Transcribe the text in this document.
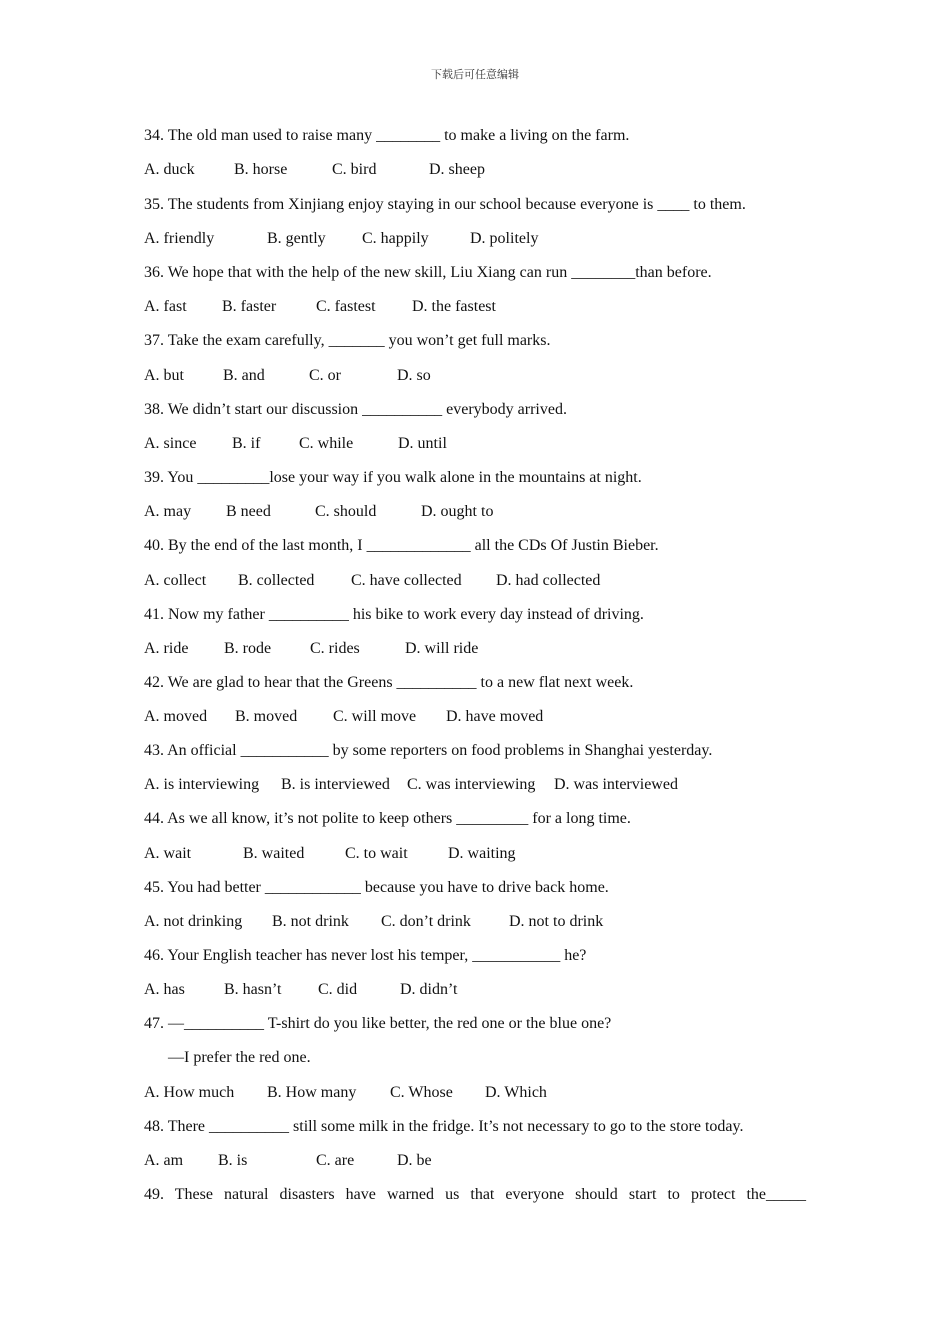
下载后可任意编辑
34. The old man used to raise many ________ to make a living on the farm.

A. duck

B. horse

	C. bird

	D. sheep

35. The students from Xinjiang enjoy staying in our school because everyone is ____ to them.

A. friendly

	B. gently

C. happily

	D. politely

36. We hope that with the help of the new skill, Liu Xiang can run ________than before.

A. fast

B. faster

C. fastest

D. the fastest

37. Take the exam carefully, _______ you won’t get full marks.

A. but

B. and

	C. or

	D. so

38. We didn’t start our discussion __________ everybody arrived.

A. since

B. if

C. while

	D. until

39. You _________lose your way if you walk alone in the mountains at night.

A. may

B need

	C. should

	D. ought to

40. By the end of the last month, I _____________ all the CDs Of Justin Bieber.

A. collect

B. collected

C. have collected

D. had collected

41. Now my father __________ his bike to work every day instead of driving.

A. ride

B. rode

C. rides

	D. will ride

42. We are glad to hear that the Greens __________ to a new flat next week.

A. moved

B. moved

C. will move

D. have moved

43. An official ___________ by some reporters on food problems in Shanghai yesterday.

A. is interviewing

B. is interviewed

C. was interviewing

D. was interviewed

44. As we all know, it’s not polite to keep others _________ for a long time.

A. wait

	B. waited

	C. to wait

	D. waiting

45. You had better ____________ because you have to drive back home.

A. not drinking

B. not drink

C. don’t drink

D. not to drink

46. Your English teacher has never lost his temper, ___________ he?

A. has

B. hasn’t

C. did

	D. didn’t

47. —__________ T-shirt do you like better, the red one or the blue one?
—I prefer the red one.

A. How much

B. How many

C. Whose

D. Which

48. There __________ still some milk in the fridge. It’s not necessary to go to the store today.

A. am

B. is

	C. are

	D. be

49. These natural disasters have warned us that everyone should start to protect the_____
